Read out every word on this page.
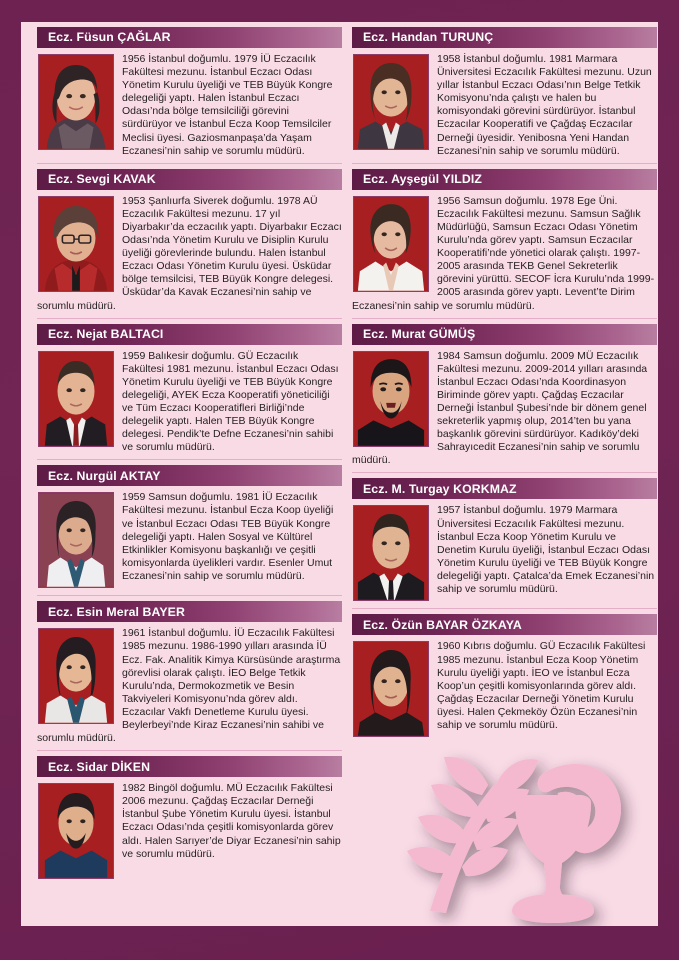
Ecz. Füsun ÇAĞLAR
1956 İstanbul doğumlu. 1979 İÜ Eczacılık Fakültesi mezunu. İstanbul Eczacı Odası Yönetim Kurulu üyeliği ve TEB Büyük Kongre delegeliği yaptı. Halen İstanbul Eczacı Odası’nda bölge temsilciliği görevini sürdürüyor ve İstanbul Ecza Koop Temsilciler Meclisi üyesi. Gaziosmanpaşa’da Yaşam Eczanesi’nin sahip ve sorumlu müdürü.
Ecz. Sevgi KAVAK
1953 Şanlıurfa Siverek doğumlu. 1978 AÜ Eczacılık Fakültesi mezunu. 17 yıl Diyarbakır’da eczacılık yaptı. Diyarbakır Eczacı Odası’nda Yönetim Kurulu ve Disiplin Kurulu üyeliği görevlerinde bulundu. Halen İstanbul Eczacı Odası Yönetim Kurulu üyesi. Üsküdar bölge temsilcisi, TEB Büyük Kongre delegesi. Üsküdar’da Kavak Eczanesi’nin sahip ve sorumlu müdürü.
Ecz. Nejat BALTACI
1959 Balıkesir doğumlu. GÜ Eczacılık Fakültesi 1981 mezunu. İstanbul Eczacı Odası Yönetim Kurulu üyeliği ve TEB Büyük Kongre delegeliği, AYEK Ecza Kooperatifi yöneticiliği ve Tüm Eczacı Kooperatifleri Birliği’nde delegelik yaptı. Halen TEB Büyük Kongre delegesi. Pendik’te Defne Eczanesi’nin sahibi ve sorumlu müdürü.
Ecz. Nurgül AKTAY
1959 Samsun doğumlu. 1981 İÜ Eczacılık Fakültesi mezunu. İstanbul Ecza Koop üyeliği ve İstanbul Eczacı Odası TEB Büyük Kongre delegeliği yaptı. Halen Sosyal ve Kültürel Etkinlikler Komisyonu başkanlığı ve çeşitli komisyonlarda üyelikleri vardır. Esenler Umut Eczanesi’nin sahip ve sorumlu müdürü.
Ecz. Esin Meral BAYER
1961 İstanbul doğumlu. İÜ Eczacılık Fakültesi 1985 mezunu. 1986-1990 yılları arasında İÜ Ecz. Fak. Analitik Kimya Kürsüsünde araştırma görevlisi olarak çalıştı. İEO Belge Tetkik Kurulu’nda, Dermokozmetik ve Besin Takviyeleri Komisyonu’nda görev aldı. Eczacılar Vakfı Denetleme Kurulu üyesi. Beylerbeyi’nde Kiraz Eczanesi’nin sahibi ve sorumlu müdürü.
Ecz. Sidar DİKEN
1982 Bingöl doğumlu. MÜ Eczacılık Fakültesi 2006 mezunu. Çağdaş Eczacılar Derneği İstanbul Şube Yönetim Kurulu üyesi. İstanbul Eczacı Odası’nda çeşitli komisyonlarda görev aldı. Halen Sarıyer’de Diyar Eczanesi’nin sahip ve sorumlu müdürü.
Ecz. Handan TURUNÇ
1958 İstanbul doğumlu. 1981 Marmara Üniversitesi Eczacılık Fakültesi mezunu. Uzun yıllar İstanbul Eczacı Odası’nın Belge Tetkik Komisyonu’nda çalıştı ve halen bu komisyondaki görevini sürdürüyor. İstanbul Eczacılar Kooperatifi ve Çağdaş Eczacılar Derneği üyesidir. Yenibosna Yeni Handan Eczanesi’nin sahip ve sorumlu müdürü.
Ecz. Ayşegül YILDIZ
1956 Samsun doğumlu. 1978 Ege Üni. Eczacılık Fakültesi mezunu. Samsun Sağlık Müdürlüğü, Samsun Eczacı Odası Yönetim Kurulu’nda görev yaptı. Samsun Eczacılar Kooperatifi’nde yönetici olarak çalıştı. 1997-2005 arasında TEKB Genel Sekreterlik görevini yürüttü. SECOF İcra Kurulu’nda 1999-2005 arasında görev yaptı. Levent’te Dirim Eczanesi’nin sahip ve sorumlu müdürü.
Ecz. Murat GÜMÜŞ
1984 Samsun doğumlu. 2009 MÜ Eczacılık Fakültesi mezunu. 2009-2014 yılları arasında İstanbul Eczacı Odası’nda Koordinasyon Biriminde görev yaptı. Çağdaş Eczacılar Derneği İstanbul Şubesi’nde bir dönem genel sekreterlik yapmış olup, 2014’ten bu yana başkanlık görevini sürdürüyor. Kadıköy’deki Sahrayıcedit Eczanesi’nin sahip ve sorumlu müdürü.
Ecz. M. Turgay KORKMAZ
1957 İstanbul doğumlu. 1979 Marmara Üniversitesi Eczacılık Fakültesi mezunu. İstanbul Ecza Koop Yönetim Kurulu ve Denetim Kurulu üyeliği, İstanbul Eczacı Odası Yönetim Kurulu üyeliği ve TEB Büyük Kongre delegeliği yaptı. Çatalca’da Emek Eczanesi’nin sahip ve sorumlu müdürü.
Ecz. Özün BAYAR ÖZKAYA
1960 Kıbrıs doğumlu. GÜ Eczacılık Fakültesi 1985 mezunu. İstanbul Ecza Koop Yönetim Kurulu üyeliği yaptı. İEO ve İstanbul Ecza Koop’un çeşitli komisyonlarında görev aldı. Çağdaş Eczacılar Derneği Yönetim Kurulu üyesi. Halen Çekmeköy Özün Eczanesi’nin sahip ve sorumlu müdürü.
